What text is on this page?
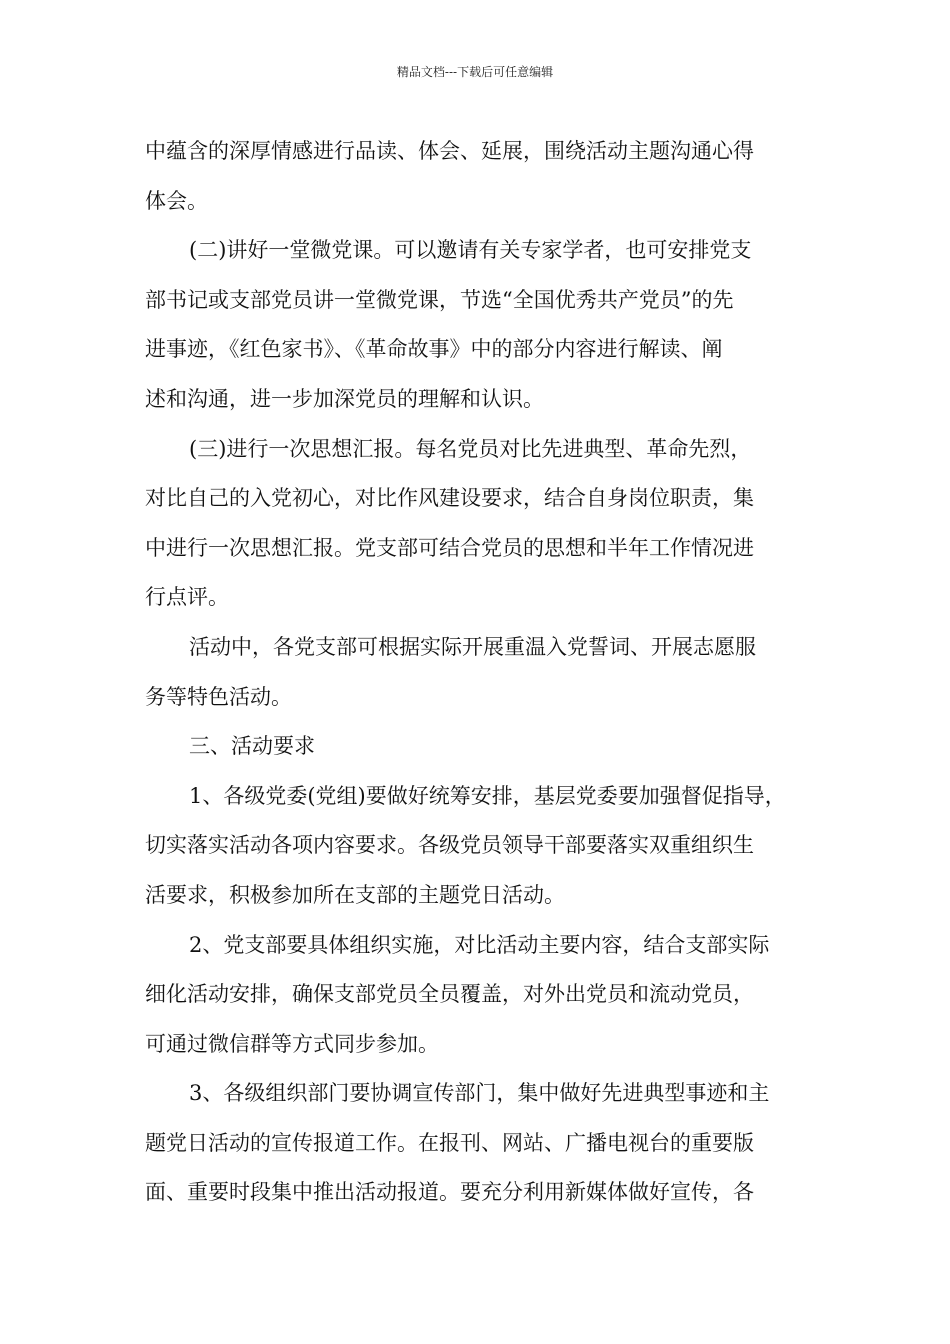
精品文档---下载后可任意编辑
中蕴含的深厚情感进行品读、体会、延展，围绕活动主题沟通心得
体会。
(二)讲好一堂微党课。可以邀请有关专家学者，也可安排党支
部书记或支部党员讲一堂微党课，节选“全国优秀共产党员”的先
进事迹，《红色家书》、《革命故事》中的部分内容进行解读、阐
述和沟通，进一步加深党员的理解和认识。
(三)进行一次思想汇报。每名党员对比先进典型、革命先烈，
对比自己的入党初心，对比作风建设要求，结合自身岗位职责，集
中进行一次思想汇报。党支部可结合党员的思想和半年工作情况进
行点评。
活动中，各党支部可根据实际开展重温入党誓词、开展志愿服
务等特色活动。
三、活动要求
1、各级党委(党组)要做好统筹安排，基层党委要加强督促指导，
切实落实活动各项内容要求。各级党员领导干部要落实双重组织生
活要求，积极参加所在支部的主题党日活动。
2、党支部要具体组织实施，对比活动主要内容，结合支部实际
细化活动安排，确保支部党员全员覆盖，对外出党员和流动党员，
可通过微信群等方式同步参加。
3、各级组织部门要协调宣传部门，集中做好先进典型事迹和主
题党日活动的宣传报道工作。在报刊、网站、广播电视台的重要版
面、重要时段集中推出活动报道。要充分利用新媒体做好宣传，各
